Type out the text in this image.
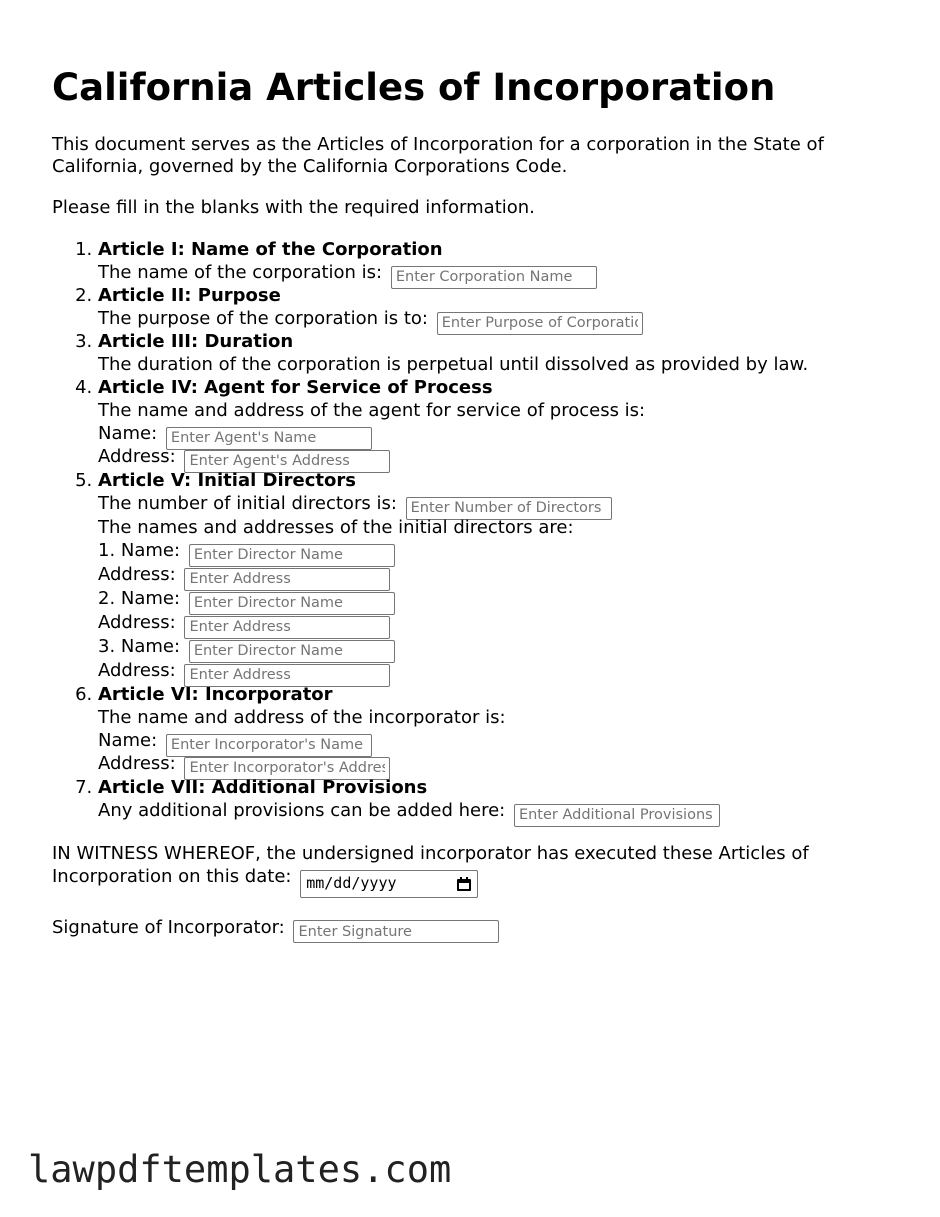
California Articles of Incorporation

This document serves as the Articles of Incorporation for a corporation in the State of California, governed by the California Corporations Code.

Please fill in the blanks with the required information.

1. Article I: Name of the Corporation
The name of the corporation is: Enter Corporation Name
2. Article II: Purpose
The purpose of the corporation is to: Enter Purpose of Corporation
3. Article III: Duration
The duration of the corporation is perpetual until dissolved as provided by law.
4. Article IV: Agent for Service of Process
The name and address of the agent for service of process is:
Name: Enter Agent's Name
Address: Enter Agent's Address
5. Article V: Initial Directors
The number of initial directors is: Enter Number of Directors
The names and addresses of the initial directors are:
1. Name: Enter Director Name
Address: Enter Address
2. Name: Enter Director Name
Address: Enter Address
3. Name: Enter Director Name
Address: Enter Address
6. Article VI: Incorporator
The name and address of the incorporator is:
Name: Enter Incorporator's Name
Address: Enter Incorporator's Address
7. Article VII: Additional Provisions
Any additional provisions can be added here: Enter Additional Provisions

IN WITNESS WHEREOF, the undersigned incorporator has executed these Articles of Incorporation on this date: mm/dd/yyyy

Signature of Incorporator: Enter Signature
lawpdftemplates.com
